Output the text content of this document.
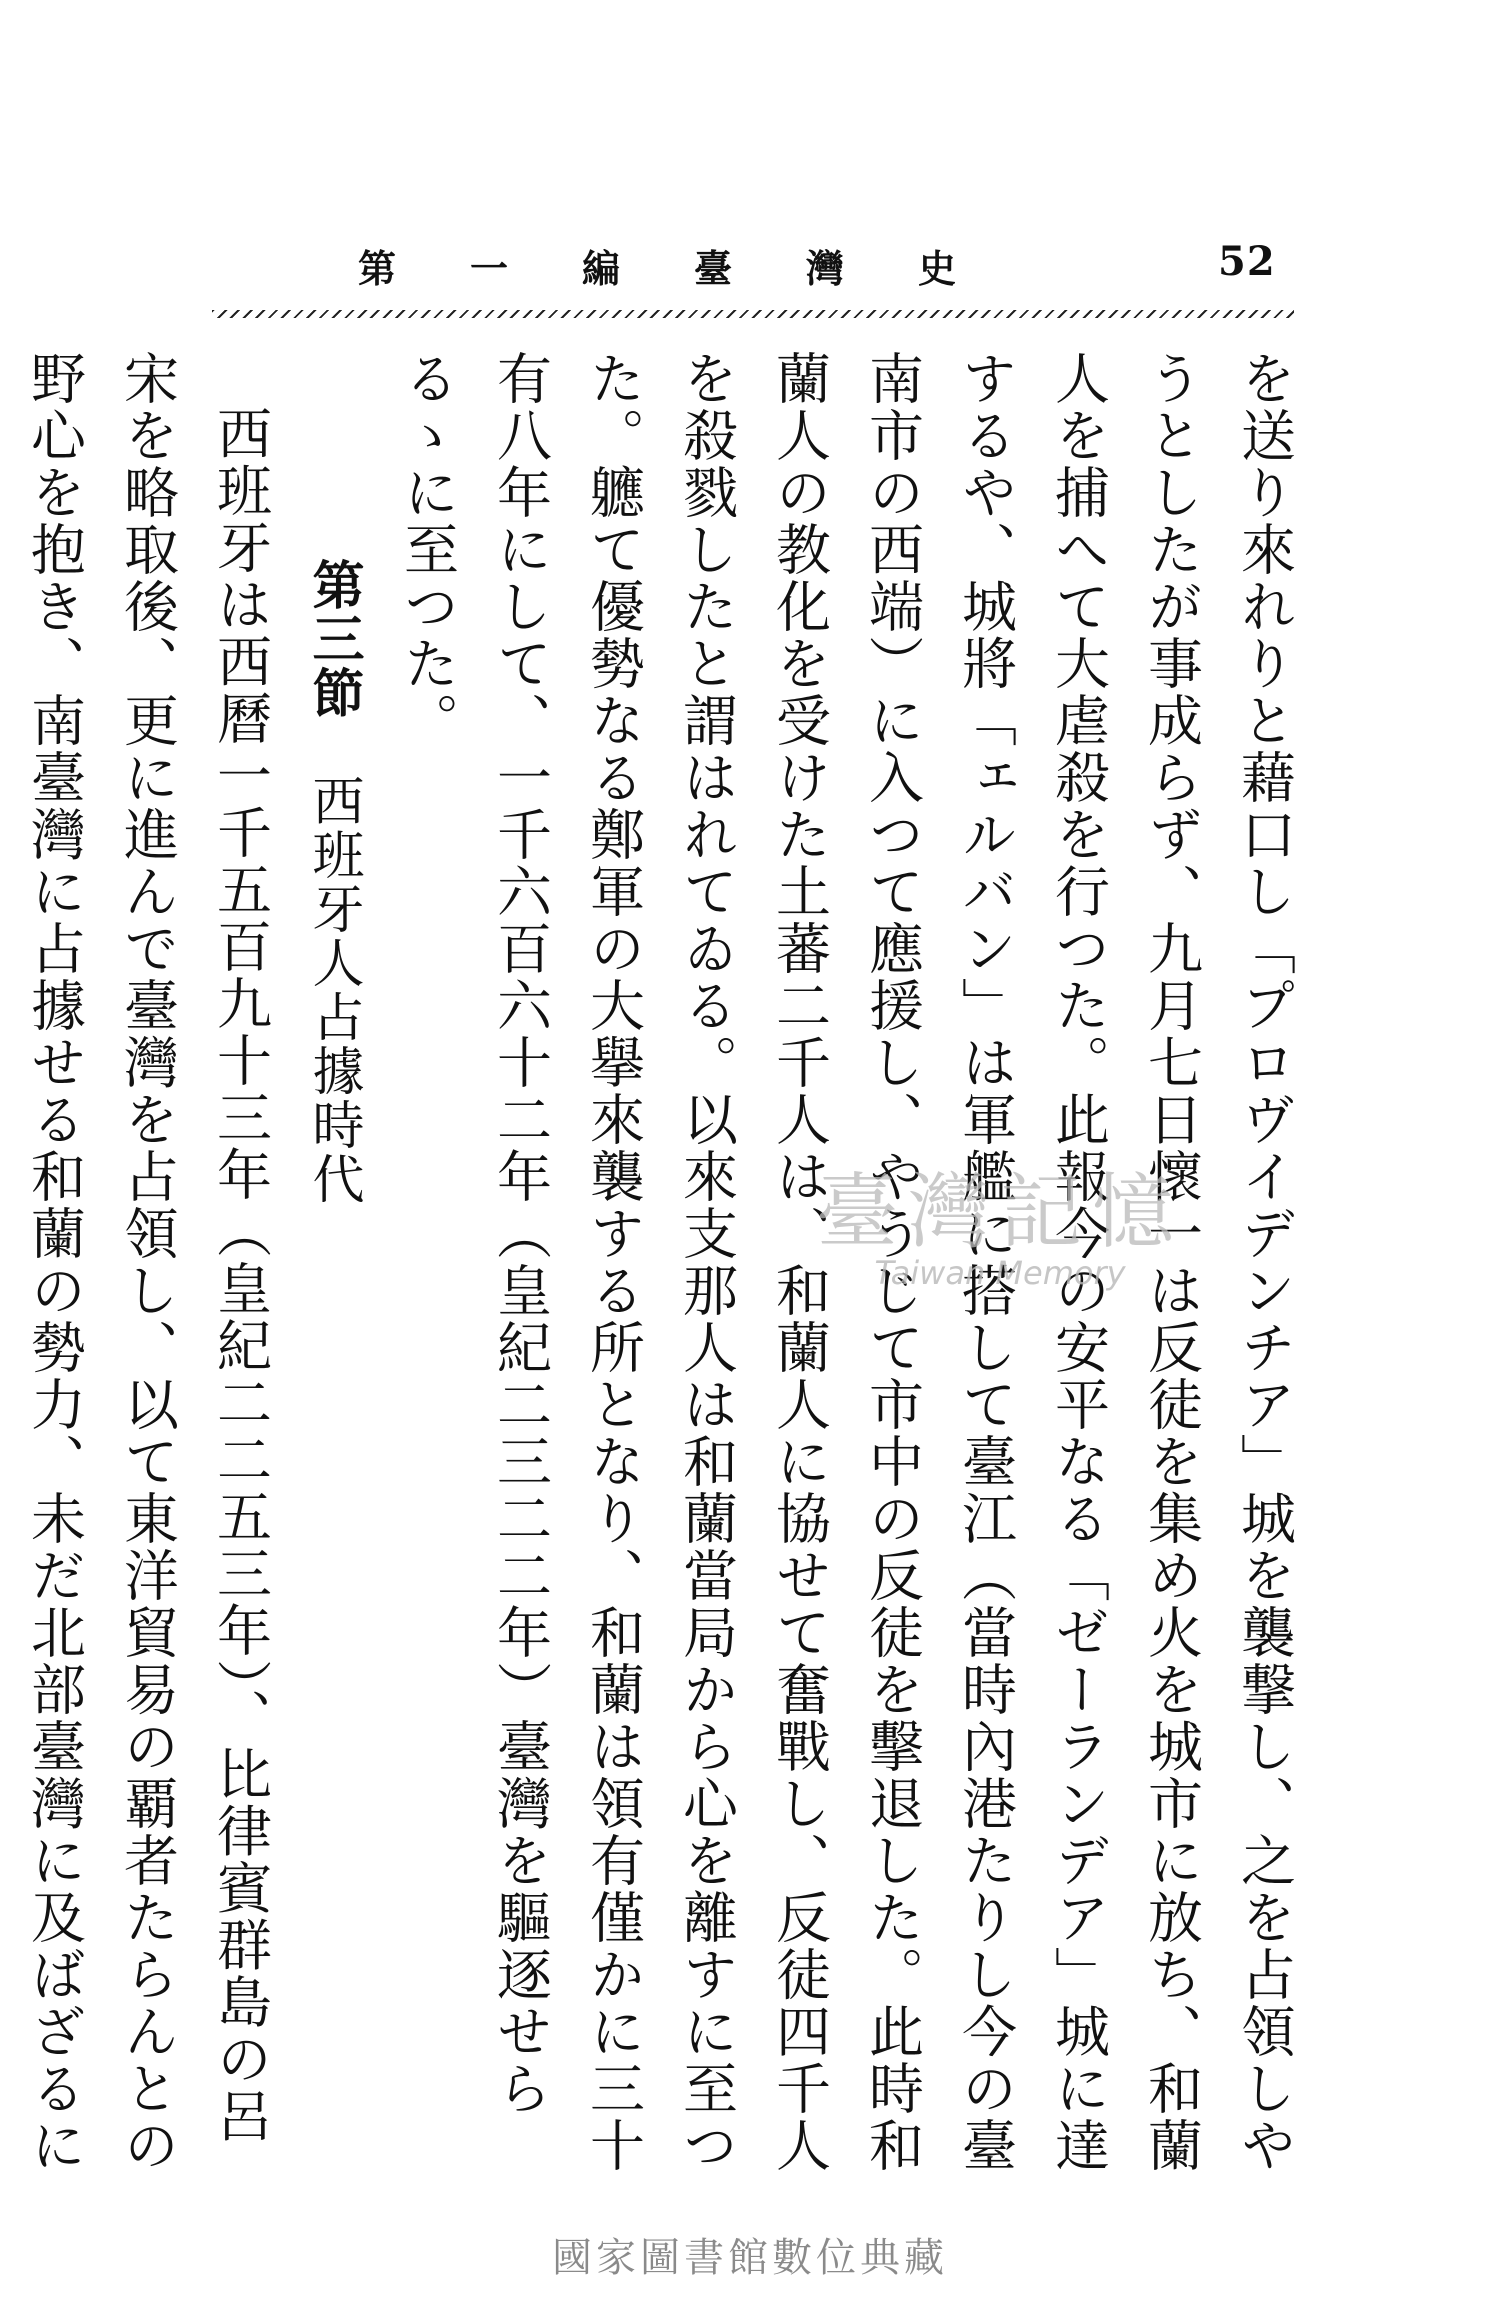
52
第一編臺灣史

を送り來れりと藉口し「プロヴイデンチア」城を襲撃し、之を占領しやうとしたが事成らず、九月七日懷一は反徒を集め火を城市に放ち、和蘭人を捕へて大虐殺を行つた。此報今の安平なる「ゼーランデア」城に達するや、城將「ェルバン」は軍艦に搭して臺江（當時內港たりし今の臺南市の西端）に入つて應援し、やうじて市中の反徒を擊退した。此時和蘭人の教化を受けた土蕃二千人は、和蘭人に協せて奮戰し、反徒四千人を殺戮したと謂はれてゐる。以來支那人は和蘭當局から心を離すに至つた。軈て優勢なる鄭軍の大擧來襲する所となり、和蘭は領有僅かに三十有八年にして、一千六百六十二年（皇紀二三二二年）臺灣を驅逐せらるゝに至つた。

第三節　西班牙人占據時代

西班牙は西曆一千五百九十三年（皇紀二二五三年）、比律賓群島の呂宋を略取後、更に進んで臺灣を占領し、以て東洋貿易の覇者たらんとの野心を抱き、南臺灣に占據せる和蘭の勢力、未だ北部臺灣に及ばざるに

臺灣記憶
Taiwan Memory
國家圖書館數位典藏
